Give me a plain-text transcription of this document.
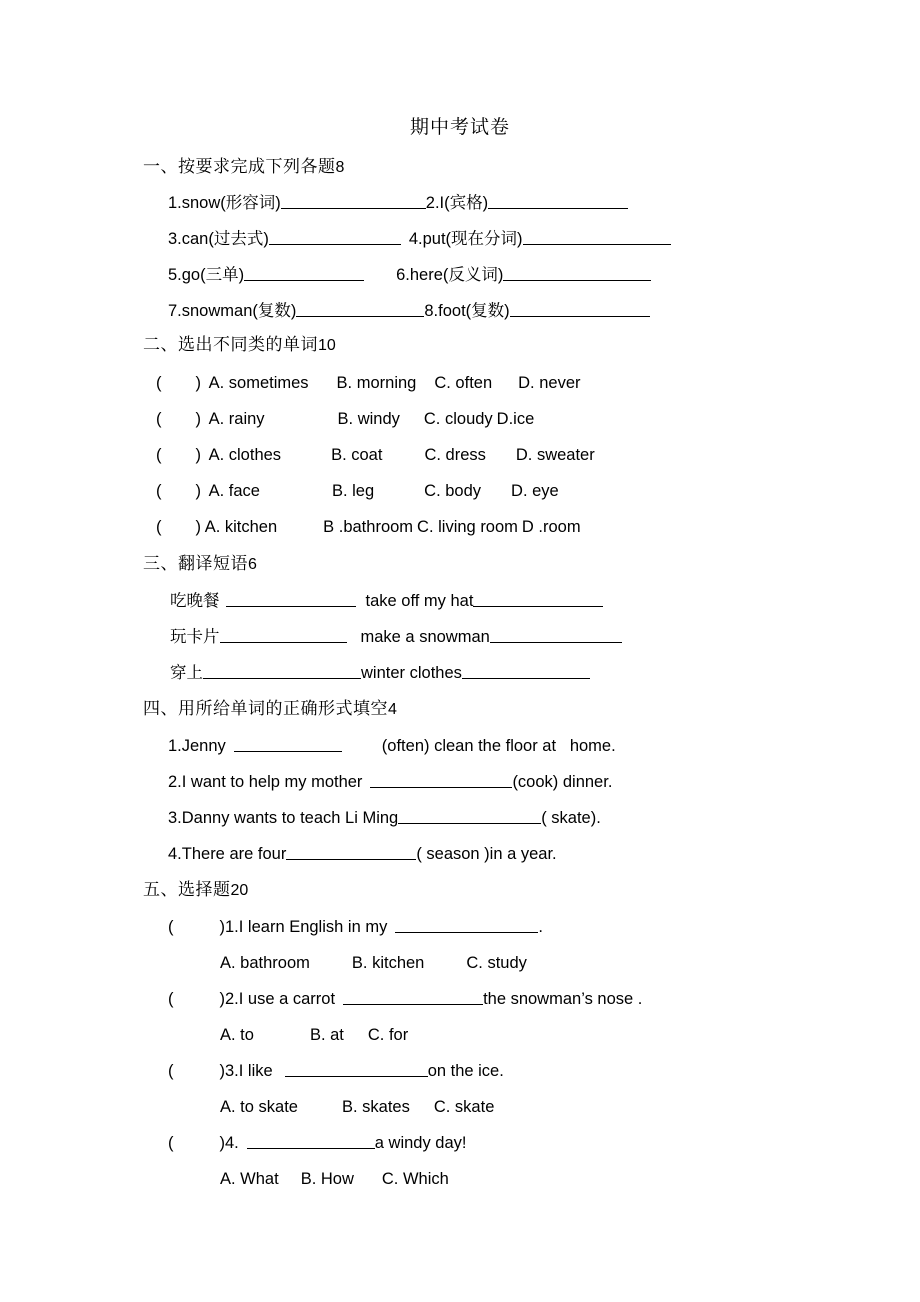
期中考试卷
一、按要求完成下列各题8
1.snow(形容词)	2.I(宾格)
3.can(过去式)	4.put(现在分词)
5.go(三单)	6.here(反义词)
7.snowman(复数)	8.foot(复数)
二、选出不同类的单词10
( ) A. sometimes B. morning C. often D. never
( ) A. rainy	B. windy C. cloudy D.ice
( ) A. clothes	B. coat	C. dress D. sweater
( ) A. face	B. leg	C. body D. eye
( ) A. kitchen	B .bathroom C. living room D .room
三、翻译短语6
吃晚餐	take off my hat
玩卡片	make a snowman
穿上	winter clothes
四、用所给单词的正确形式填空4
1.Jenny	(often) clean the floor at   home.
2.I want to help my mother	(cook) dinner.
3.Danny wants to teach Li Ming	( skate).
4.There are four	( season )in a year.
五、选择题20
(	)1.I learn English in my	.
A. bathroom	B. kitchen	C. study
(	)2.I use a carrot	the snowman’s nose .
A. to	B. at C. for
(	)3.I like	on the ice.
A. to skate	B. skates C. skate
(	)4.	a windy day!
A. What B. How C. Which
